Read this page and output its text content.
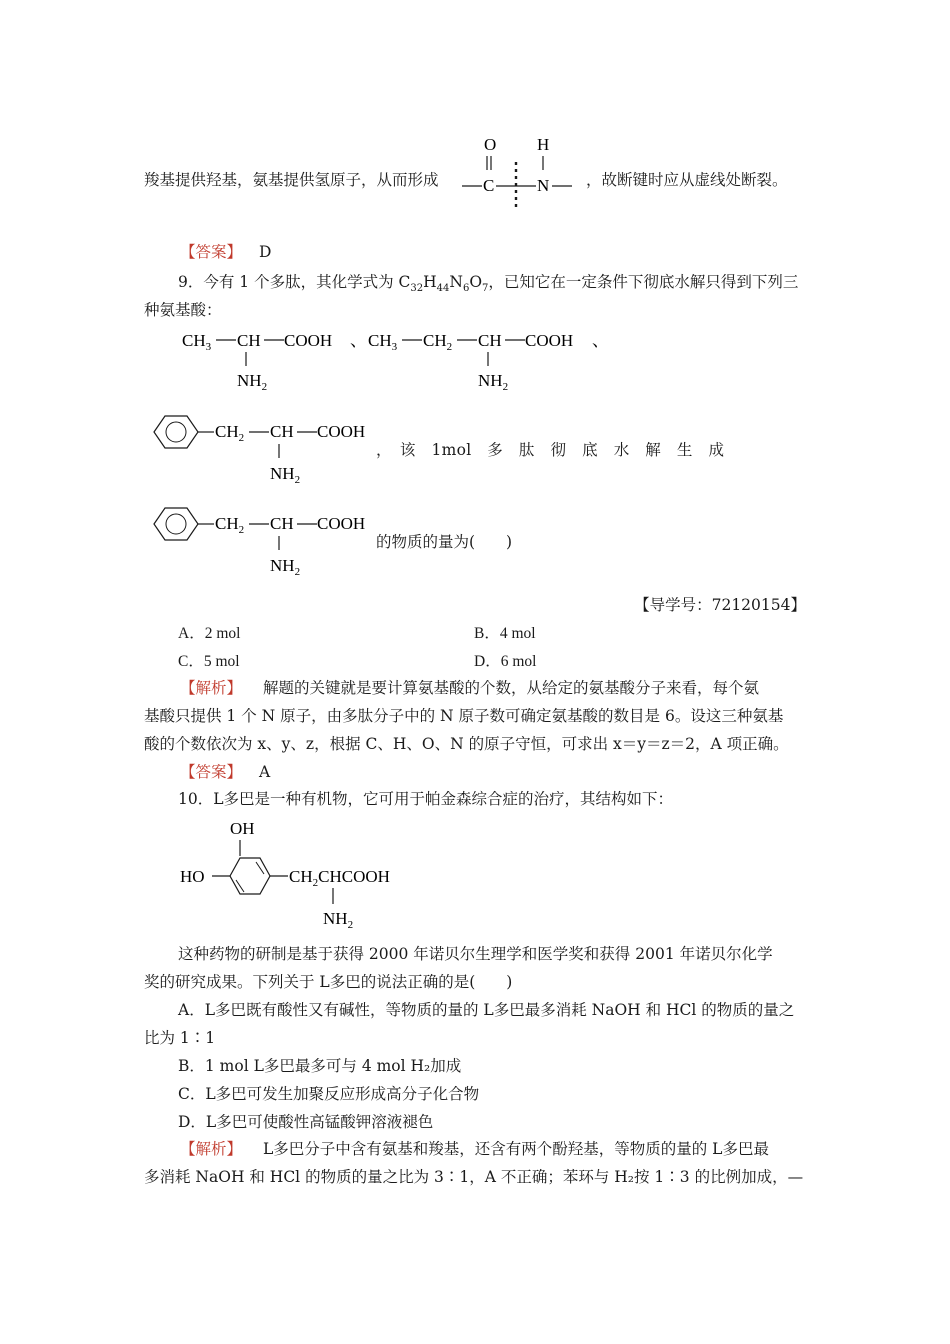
羧基提供羟基，氨基提供氢原子，从而形成
O H
C	N ，故断键时应从虚线处断裂。
【答案】 D
9．今有 1 个多肽，其化学式为 $C_{32}H_{44}N_6O_7$，已知它在一定条件下彻底水解只得到下列三
种氨基酸：
$CH_3$ CH COOH
$NH_2$
、 $CH_3$ $CH_2$ CH COOH
$NH_2$
、
$CH_2$ CH COOH
$NH_2$
，　该　1mol　多　肽　彻　底　水　解　生　成
$CH_2$ CH COOH
$NH_2$
的物质的量为(　　)
【导学号：72120154】
A．2 mol	B．4 mol
C．5 mol	D．6 mol
【解析】 解题的关键就是要计算氨基酸的个数，从给定的氨基酸分子来看，每个氨
基酸只提供 1 个 N 原子，由多肽分子中的 N 原子数可确定氨基酸的数目是 6。设这三种氨基
酸的个数依次为 x、y、z，根据 C、H、O、N 的原子守恒，可求出 x＝y＝z＝2，A 项正确。
【答案】 A
10．L多巴是一种有机物，它可用于帕金森综合症的治疗，其结构如下：
OH
HO	$CH_2CHCOOH$
$NH_2$
这种药物的研制是基于获得 2000 年诺贝尔生理学和医学奖和获得 2001 年诺贝尔化学
奖的研究成果。下列关于 L多巴的说法正确的是(　　)
A．L多巴既有酸性又有碱性，等物质的量的 L多巴最多消耗 NaOH 和 HCl 的物质的量之
比为 1∶1
B．1 mol L多巴最多可与 4 mol H₂加成
C．L多巴可发生加聚反应形成高分子化合物
D．L多巴可使酸性高锰酸钾溶液褪色
【解析】 L多巴分子中含有氨基和羧基，还含有两个酚羟基，等物质的量的 L多巴最
多消耗 NaOH 和 HCl 的物质的量之比为 3∶1，A 不正确；苯环与 H₂按 1∶3 的比例加成，—
